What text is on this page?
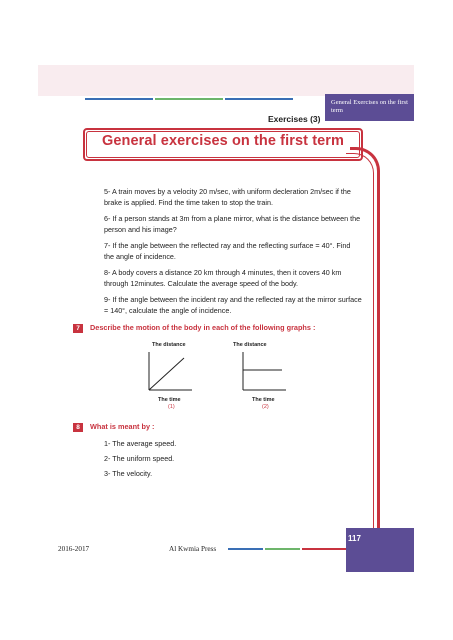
General Exercises on the first term
Exercises (3)
General exercises on the first term
5- A train moves by a velocity 20 m/sec, with uniform decleration 2m/sec if the brake is applied. Find the time taken to stop the train.
6- If a person stands at 3m from a plane mirror, what is the distance between the person and his image?
7- If the angle between the reflected ray and the reflecting surface = 40°. Find the angle of incidence.
8- A body covers a distance 20 km through 4 minutes, then it covers 40 km through 12minutes. Calculate the average speed of the body.
9- If the angle between the incident ray and the reflected ray at the mirror surface = 140°, calculate the angle of incidence.
7	Describe the motion of the body in each of the following graphs :
The distance
The time
(1)
The distance
The time
(2)
8	What is meant by :
1- The average speed.
2- The uniform speed.
3- The velocity.
117
2016-2017	Al Kwmia Press
